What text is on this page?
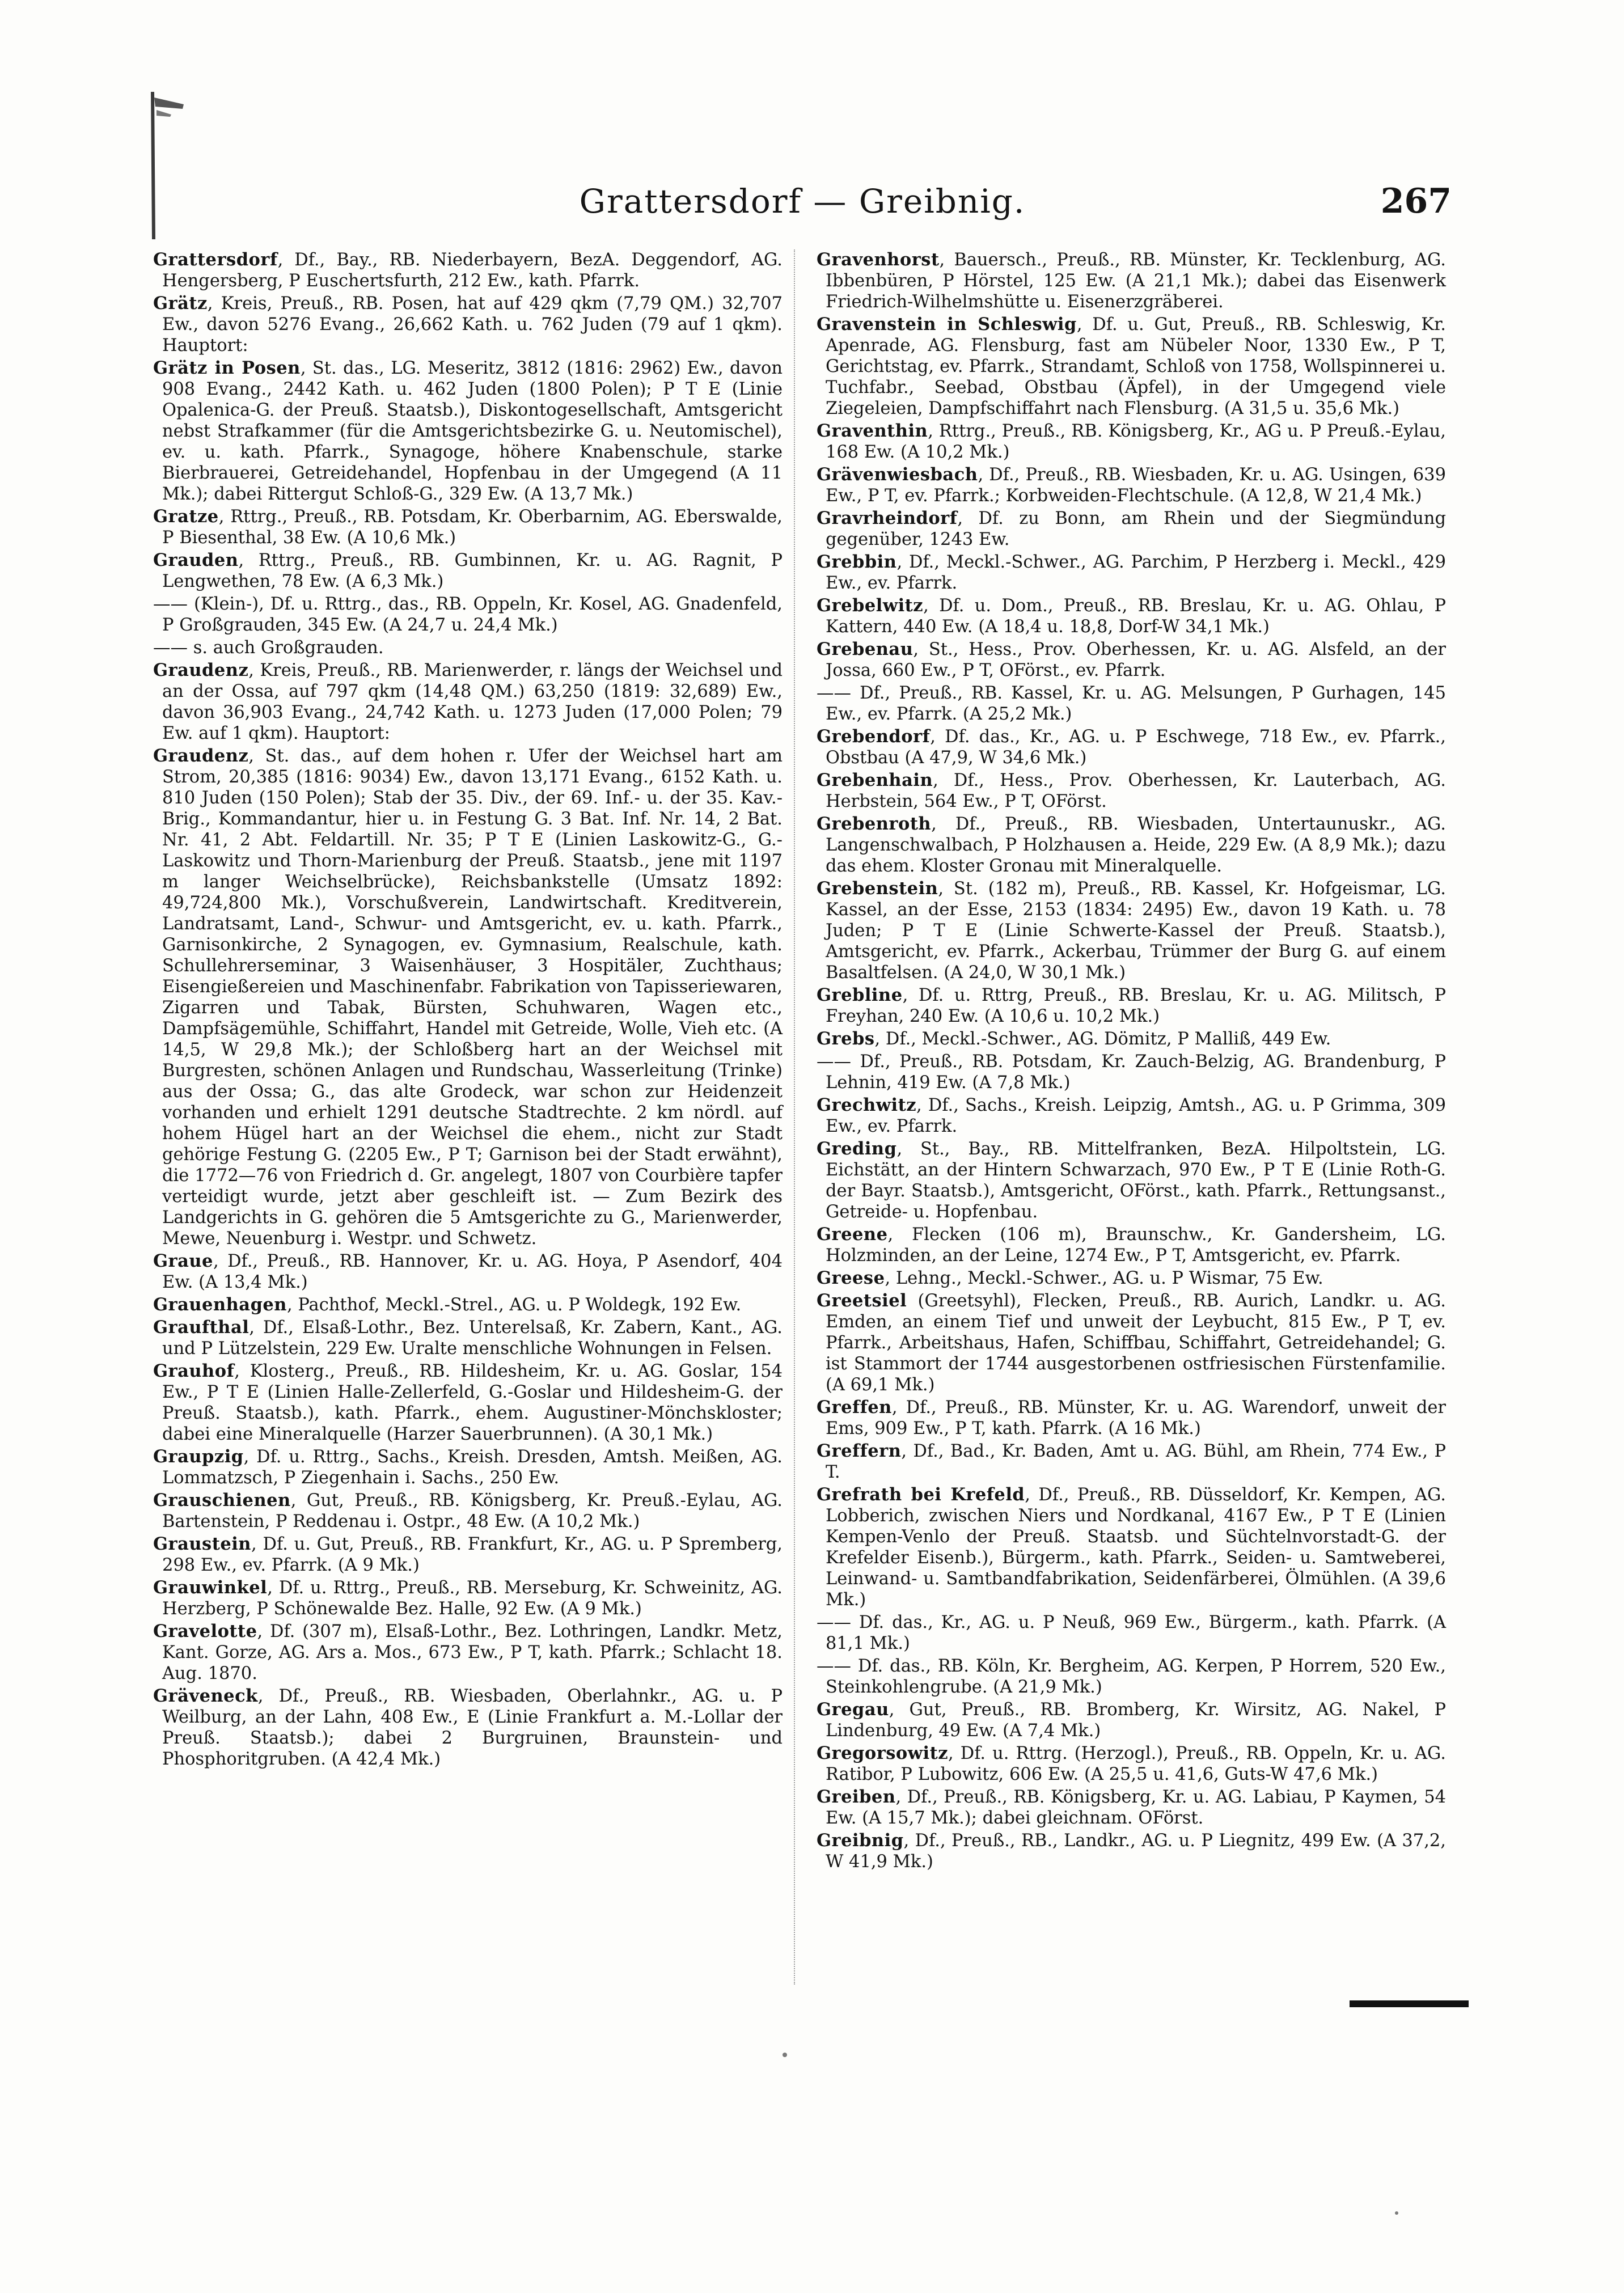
Grattersdorf — Greibnig.	267

Grattersdorf, Df., Bay., RB. Niederbayern, BezA. Deggendorf, AG. Hengersberg, P Euschertsfurth, 212 Ew., kath. Pfarrk.

Grätz, Kreis, Preuß., RB. Posen, hat auf 429 qkm (7,79 QM.) 32,707 Ew., davon 5276 Evang., 26,662 Kath. u. 762 Juden (79 auf 1 qkm). Hauptort:

Grätz in Posen, St. das., LG. Meseritz, 3812 (1816: 2962) Ew., davon 908 Evang., 2442 Kath. u. 462 Juden (1800 Polen); P T E (Linie Opalenica-G. der Preuß. Staatsb.), Diskontogesellschaft, Amtsgericht nebst Strafkammer (für die Amtsgerichtsbezirke G. u. Neutomischel), ev. u. kath. Pfarrk., Synagoge, höhere Knabenschule, starke Bierbrauerei, Getreidehandel, Hopfenbau in der Umgegend (A 11 Mk.); dabei Rittergut Schloß-G., 329 Ew. (A 13,7 Mk.)

Gratze, Rttrg., Preuß., RB. Potsdam, Kr. Oberbarnim, AG. Eberswalde, P Biesenthal, 38 Ew. (A 10,6 Mk.)

Grauden, Rttrg., Preuß., RB. Gumbinnen, Kr. u. AG. Ragnit, P Lengwethen, 78 Ew. (A 6,3 Mk.)

—— (Klein-), Df. u. Rttrg., das., RB. Oppeln, Kr. Kosel, AG. Gnadenfeld, P Großgrauden, 345 Ew. (A 24,7 u. 24,4 Mk.)

—— s. auch Großgrauden.

Graudenz, Kreis, Preuß., RB. Marienwerder, r. längs der Weichsel und an der Ossa, auf 797 qkm (14,48 QM.) 63,250 (1819: 32,689) Ew., davon 36,903 Evang., 24,742 Kath. u. 1273 Juden (17,000 Polen; 79 Ew. auf 1 qkm). Hauptort:

Graudenz, St. das., auf dem hohen r. Ufer der Weichsel hart am Strom, 20,385 (1816: 9034) Ew., davon 13,171 Evang., 6152 Kath. u. 810 Juden (150 Polen); Stab der 35. Div., der 69. Inf.- u. der 35. Kav.-Brig., Kommandantur, hier u. in Festung G. 3 Bat. Inf. Nr. 14, 2 Bat. Nr. 41, 2 Abt. Feldartill. Nr. 35; P T E (Linien Laskowitz-G., G.-Laskowitz und Thorn-Marienburg der Preuß. Staatsb., jene mit 1197 m langer Weichselbrücke), Reichsbankstelle (Umsatz 1892: 49,724,800 Mk.), Vorschußverein, Landwirtschaft. Kreditverein, Landratsamt, Land-, Schwur- und Amtsgericht, ev. u. kath. Pfarrk., Garnisonkirche, 2 Synagogen, ev. Gymnasium, Realschule, kath. Schullehrerseminar, 3 Waisenhäuser, 3 Hospitäler, Zuchthaus; Eisengießereien und Maschinenfabr. Fabrikation von Tapisseriewaren, Zigarren und Tabak, Bürsten, Schuhwaren, Wagen etc., Dampfsägemühle, Schiffahrt, Handel mit Getreide, Wolle, Vieh etc. (A 14,5, W 29,8 Mk.); der Schloßberg hart an der Weichsel mit Burgresten, schönen Anlagen und Rundschau, Wasserleitung (Trinke) aus der Ossa; G., das alte Grodeck, war schon zur Heidenzeit vorhanden und erhielt 1291 deutsche Stadtrechte. 2 km nördl. auf hohem Hügel hart an der Weichsel die ehem., nicht zur Stadt gehörige Festung G. (2205 Ew., P T; Garnison bei der Stadt erwähnt), die 1772—76 von Friedrich d. Gr. angelegt, 1807 von Courbière tapfer verteidigt wurde, jetzt aber geschleift ist. — Zum Bezirk des Landgerichts in G. gehören die 5 Amtsgerichte zu G., Marienwerder, Mewe, Neuenburg i. Westpr. und Schwetz.

Graue, Df., Preuß., RB. Hannover, Kr. u. AG. Hoya, P Asendorf, 404 Ew. (A 13,4 Mk.)

Grauenhagen, Pachthof, Meckl.-Strel., AG. u. P Woldegk, 192 Ew.

Graufthal, Df., Elsaß-Lothr., Bez. Unterelsaß, Kr. Zabern, Kant., AG. und P Lützelstein, 229 Ew. Uralte menschliche Wohnungen in Felsen.

Grauhof, Klosterg., Preuß., RB. Hildesheim, Kr. u. AG. Goslar, 154 Ew., P T E (Linien Halle-Zellerfeld, G.-Goslar und Hildesheim-G. der Preuß. Staatsb.), kath. Pfarrk., ehem. Augustiner-Mönchskloster; dabei eine Mineralquelle (Harzer Sauerbrunnen). (A 30,1 Mk.)

Graupzig, Df. u. Rttrg., Sachs., Kreish. Dresden, Amtsh. Meißen, AG. Lommatzsch, P Ziegenhain i. Sachs., 250 Ew.

Grauschienen, Gut, Preuß., RB. Königsberg, Kr. Preuß.-Eylau, AG. Bartenstein, P Reddenau i. Ostpr., 48 Ew. (A 10,2 Mk.)

Graustein, Df. u. Gut, Preuß., RB. Frankfurt, Kr., AG. u. P Spremberg, 298 Ew., ev. Pfarrk. (A 9 Mk.)

Grauwinkel, Df. u. Rttrg., Preuß., RB. Merseburg, Kr. Schweinitz, AG. Herzberg, P Schönewalde Bez. Halle, 92 Ew. (A 9 Mk.)

Gravelotte, Df. (307 m), Elsaß-Lothr., Bez. Lothringen, Landkr. Metz, Kant. Gorze, AG. Ars a. Mos., 673 Ew., P T, kath. Pfarrk.; Schlacht 18. Aug. 1870.

Gräveneck, Df., Preuß., RB. Wiesbaden, Oberlahnkr., AG. u. P Weilburg, an der Lahn, 408 Ew., E (Linie Frankfurt a. M.-Lollar der Preuß. Staatsb.); dabei 2 Burgruinen, Braunstein- und Phosphoritgruben. (A 42,4 Mk.)

Gravenhorst, Bauersch., Preuß., RB. Münster, Kr. Tecklenburg, AG. Ibbenbüren, P Hörstel, 125 Ew. (A 21,1 Mk.); dabei das Eisenwerk Friedrich-Wilhelmshütte u. Eisenerzgräberei.

Gravenstein in Schleswig, Df. u. Gut, Preuß., RB. Schleswig, Kr. Apenrade, AG. Flensburg, fast am Nübeler Noor, 1330 Ew., P T, Gerichtstag, ev. Pfarrk., Strandamt, Schloß von 1758, Wollspinnerei u. Tuchfabr., Seebad, Obstbau (Äpfel), in der Umgegend viele Ziegeleien, Dampfschiffahrt nach Flensburg. (A 31,5 u. 35,6 Mk.)

Graventhin, Rttrg., Preuß., RB. Königsberg, Kr., AG u. P Preuß.-Eylau, 168 Ew. (A 10,2 Mk.)

Grävenwiesbach, Df., Preuß., RB. Wiesbaden, Kr. u. AG. Usingen, 639 Ew., P T, ev. Pfarrk.; Korbweiden-Flechtschule. (A 12,8, W 21,4 Mk.)

Gravrheindorf, Df. zu Bonn, am Rhein und der Siegmündung gegenüber, 1243 Ew.

Grebbin, Df., Meckl.-Schwer., AG. Parchim, P Herzberg i. Meckl., 429 Ew., ev. Pfarrk.

Grebelwitz, Df. u. Dom., Preuß., RB. Breslau, Kr. u. AG. Ohlau, P Kattern, 440 Ew. (A 18,4 u. 18,8, Dorf-W 34,1 Mk.)

Grebenau, St., Hess., Prov. Oberhessen, Kr. u. AG. Alsfeld, an der Jossa, 660 Ew., P T, OFörst., ev. Pfarrk.

—— Df., Preuß., RB. Kassel, Kr. u. AG. Melsungen, P Gurhagen, 145 Ew., ev. Pfarrk. (A 25,2 Mk.)

Grebendorf, Df. das., Kr., AG. u. P Eschwege, 718 Ew., ev. Pfarrk., Obstbau (A 47,9, W 34,6 Mk.)

Grebenhain, Df., Hess., Prov. Oberhessen, Kr. Lauterbach, AG. Herbstein, 564 Ew., P T, OFörst.

Grebenroth, Df., Preuß., RB. Wiesbaden, Untertaunuskr., AG. Langenschwalbach, P Holzhausen a. Heide, 229 Ew. (A 8,9 Mk.); dazu das ehem. Kloster Gronau mit Mineralquelle.

Grebenstein, St. (182 m), Preuß., RB. Kassel, Kr. Hofgeismar, LG. Kassel, an der Esse, 2153 (1834: 2495) Ew., davon 19 Kath. u. 78 Juden; P T E (Linie Schwerte-Kassel der Preuß. Staatsb.), Amtsgericht, ev. Pfarrk., Ackerbau, Trümmer der Burg G. auf einem Basaltfelsen. (A 24,0, W 30,1 Mk.)

Grebline, Df. u. Rttrg, Preuß., RB. Breslau, Kr. u. AG. Militsch, P Freyhan, 240 Ew. (A 10,6 u. 10,2 Mk.)

Grebs, Df., Meckl.-Schwer., AG. Dömitz, P Malliß, 449 Ew.

—— Df., Preuß., RB. Potsdam, Kr. Zauch-Belzig, AG. Brandenburg, P Lehnin, 419 Ew. (A 7,8 Mk.)

Grechwitz, Df., Sachs., Kreish. Leipzig, Amtsh., AG. u. P Grimma, 309 Ew., ev. Pfarrk.

Greding, St., Bay., RB. Mittelfranken, BezA. Hilpoltstein, LG. Eichstätt, an der Hintern Schwarzach, 970 Ew., P T E (Linie Roth-G. der Bayr. Staatsb.), Amtsgericht, OFörst., kath. Pfarrk., Rettungsanst., Getreide- u. Hopfenbau.

Greene, Flecken (106 m), Braunschw., Kr. Gandersheim, LG. Holzminden, an der Leine, 1274 Ew., P T, Amtsgericht, ev. Pfarrk.

Greese, Lehng., Meckl.-Schwer., AG. u. P Wismar, 75 Ew.

Greetsiel (Greetsyhl), Flecken, Preuß., RB. Aurich, Landkr. u. AG. Emden, an einem Tief und unweit der Leybucht, 815 Ew., P T, ev. Pfarrk., Arbeitshaus, Hafen, Schiffbau, Schiffahrt, Getreidehandel; G. ist Stammort der 1744 ausgestorbenen ostfriesischen Fürstenfamilie. (A 69,1 Mk.)

Greffen, Df., Preuß., RB. Münster, Kr. u. AG. Warendorf, unweit der Ems, 909 Ew., P T, kath. Pfarrk. (A 16 Mk.)

Greffern, Df., Bad., Kr. Baden, Amt u. AG. Bühl, am Rhein, 774 Ew., P T.

Grefrath bei Krefeld, Df., Preuß., RB. Düsseldorf, Kr. Kempen, AG. Lobberich, zwischen Niers und Nordkanal, 4167 Ew., P T E (Linien Kempen-Venlo der Preuß. Staatsb. und Süchtelnvorstadt-G. der Krefelder Eisenb.), Bürgerm., kath. Pfarrk., Seiden- u. Samtweberei, Leinwand- u. Samtbandfabrikation, Seidenfärberei, Ölmühlen. (A 39,6 Mk.)

—— Df. das., Kr., AG. u. P Neuß, 969 Ew., Bürgerm., kath. Pfarrk. (A 81,1 Mk.)

—— Df. das., RB. Köln, Kr. Bergheim, AG. Kerpen, P Horrem, 520 Ew., Steinkohlengrube. (A 21,9 Mk.)

Gregau, Gut, Preuß., RB. Bromberg, Kr. Wirsitz, AG. Nakel, P Lindenburg, 49 Ew. (A 7,4 Mk.)

Gregorsowitz, Df. u. Rttrg. (Herzogl.), Preuß., RB. Oppeln, Kr. u. AG. Ratibor, P Lubowitz, 606 Ew. (A 25,5 u. 41,6, Guts-W 47,6 Mk.)

Greiben, Df., Preuß., RB. Königsberg, Kr. u. AG. Labiau, P Kaymen, 54 Ew. (A 15,7 Mk.); dabei gleichnam. OFörst.

Greibnig, Df., Preuß., RB., Landkr., AG. u. P Liegnitz, 499 Ew. (A 37,2, W 41,9 Mk.)
